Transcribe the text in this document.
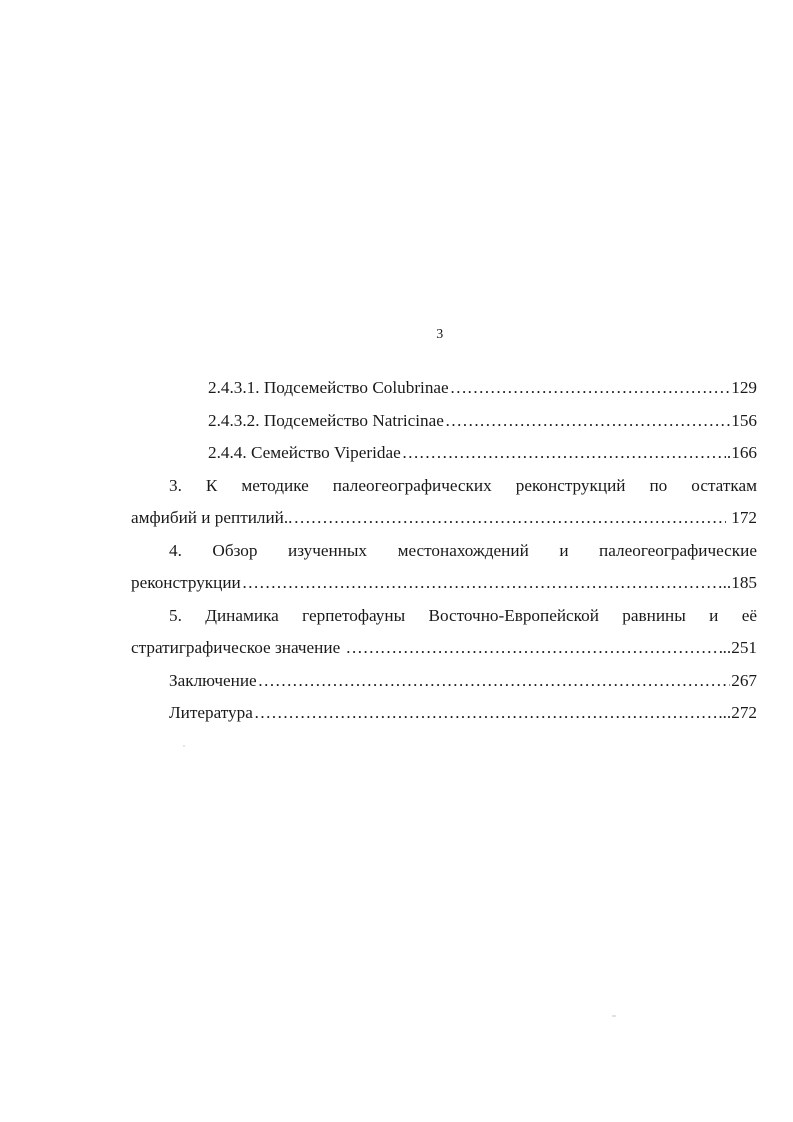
3
2.4.3.1. Подсемейство Colubrinae …………………………………………………………………………………………………………………………………………………………………………………	129
2.4.3.2. Подсемейство Natricinae …………………………………………………………………………………………………………………………………………………………………………………	156
2.4.4. Семейство Viperidae …………………………………………………………………………………………………………………………………………………………………………………	.166
3. К методике палеогеографических реконструкций по остаткам
амфибий и рептилий.. …………………………………………………………………………………………………………………………………………………………………………………	172
4. Обзор изученных местонахождений и палеогеографические
реконструкции …………………………………………………………………………………………………………………………………………………………………………………	..185
5. Динамика герпетофауны Восточно-Европейской равнины и её
стратиграфическое значение …………………………………………………………………………………………………………………………………………………………………………………	..251
Заключение …………………………………………………………………………………………………………………………………………………………………………………	267
Литература …………………………………………………………………………………………………………………………………………………………………………………	...272
